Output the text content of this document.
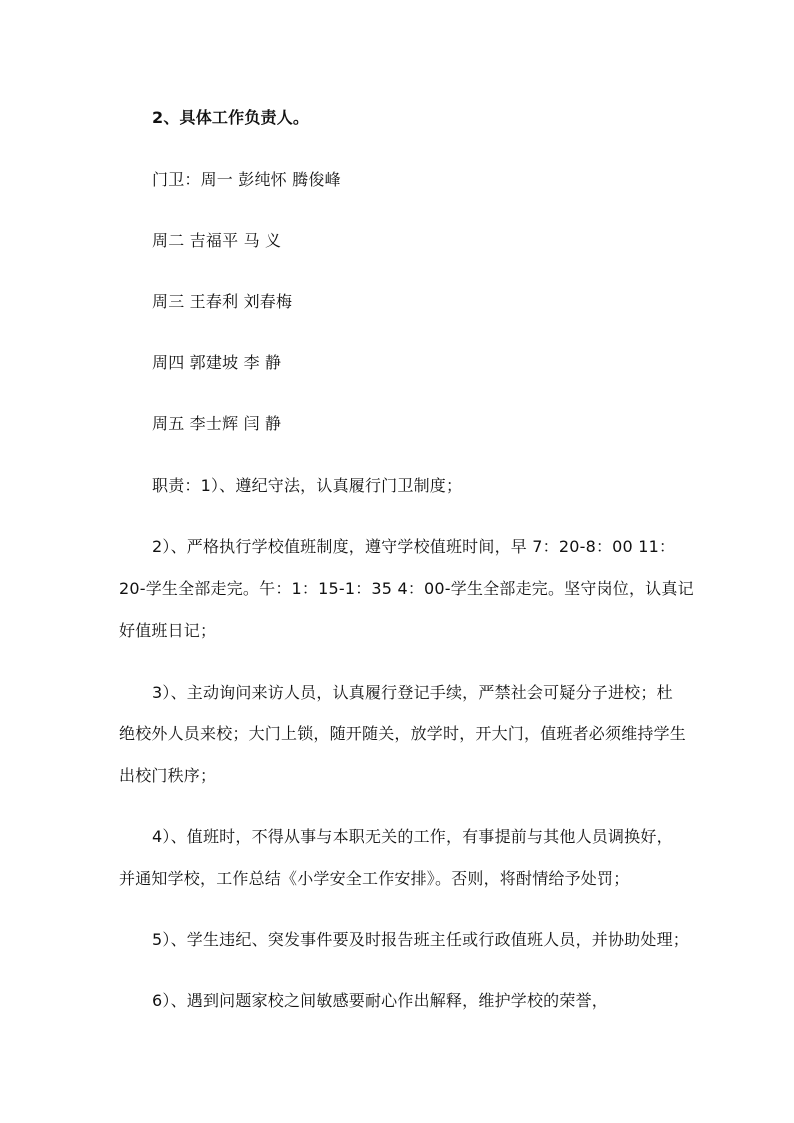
2、具体工作负责人。
门卫：周一 彭纯怀 腾俊峰
周二 吉福平 马 义
周三 王春利 刘春梅
周四 郭建坡 李 静
周五 李士辉 闫 静
职责：1）、遵纪守法，认真履行门卫制度；
2）、严格执行学校值班制度，遵守学校值班时间，早 7：20-8：00 11：
20-学生全部走完。午：1：15-1：35 4：00-学生全部走完。坚守岗位，认真记
好值班日记；
3）、主动询问来访人员，认真履行登记手续，严禁社会可疑分子进校；杜
绝校外人员来校；大门上锁，随开随关，放学时，开大门，值班者必须维持学生
出校门秩序；
4）、值班时，不得从事与本职无关的工作，有事提前与其他人员调换好，
并通知学校，工作总结《小学安全工作安排》。否则，将酎情给予处罚；
5）、学生违纪、突发事件要及时报告班主任或行政值班人员，并协助处理；
6）、遇到问题家校之间敏感要耐心作出解释，维护学校的荣誉，
